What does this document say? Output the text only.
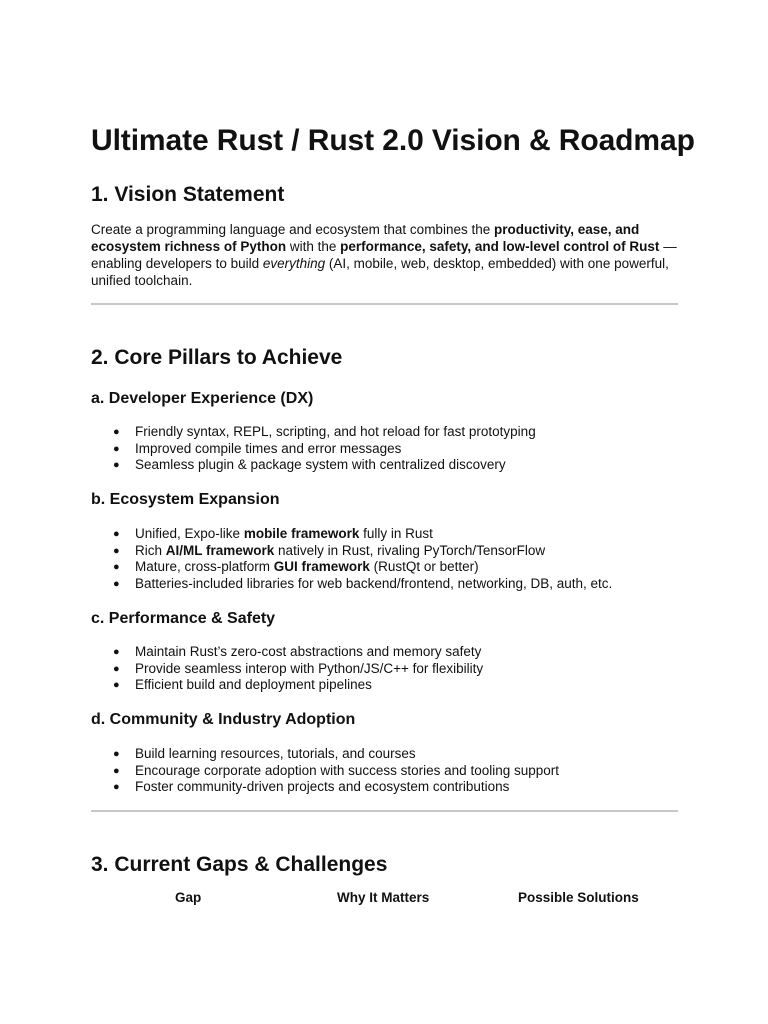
Ultimate Rust / Rust 2.0 Vision & Roadmap
1. Vision Statement

Create a programming language and ecosystem that combines the productivity, ease, and ecosystem richness of Python with the performance, safety, and low-level control of Rust — enabling developers to build everything (AI, mobile, web, desktop, embedded) with one powerful, unified toolchain.

2. Core Pillars to Achieve
a. Developer Experience (DX)
● Friendly syntax, REPL, scripting, and hot reload for fast prototyping
● Improved compile times and error messages
● Seamless plugin & package system with centralized discovery
b. Ecosystem Expansion
● Unified, Expo-like mobile framework fully in Rust
● Rich AI/ML framework natively in Rust, rivaling PyTorch/TensorFlow
● Mature, cross-platform GUI framework (RustQt or better)
● Batteries-included libraries for web backend/frontend, networking, DB, auth, etc.
c. Performance & Safety
● Maintain Rust’s zero-cost abstractions and memory safety
● Provide seamless interop with Python/JS/C++ for flexibility
● Efficient build and deployment pipelines
d. Community & Industry Adoption
● Build learning resources, tutorials, and courses
● Encourage corporate adoption with success stories and tooling support
● Foster community-driven projects and ecosystem contributions
3. Current Gaps & Challenges
Gap	Why It Matters	Possible Solutions
